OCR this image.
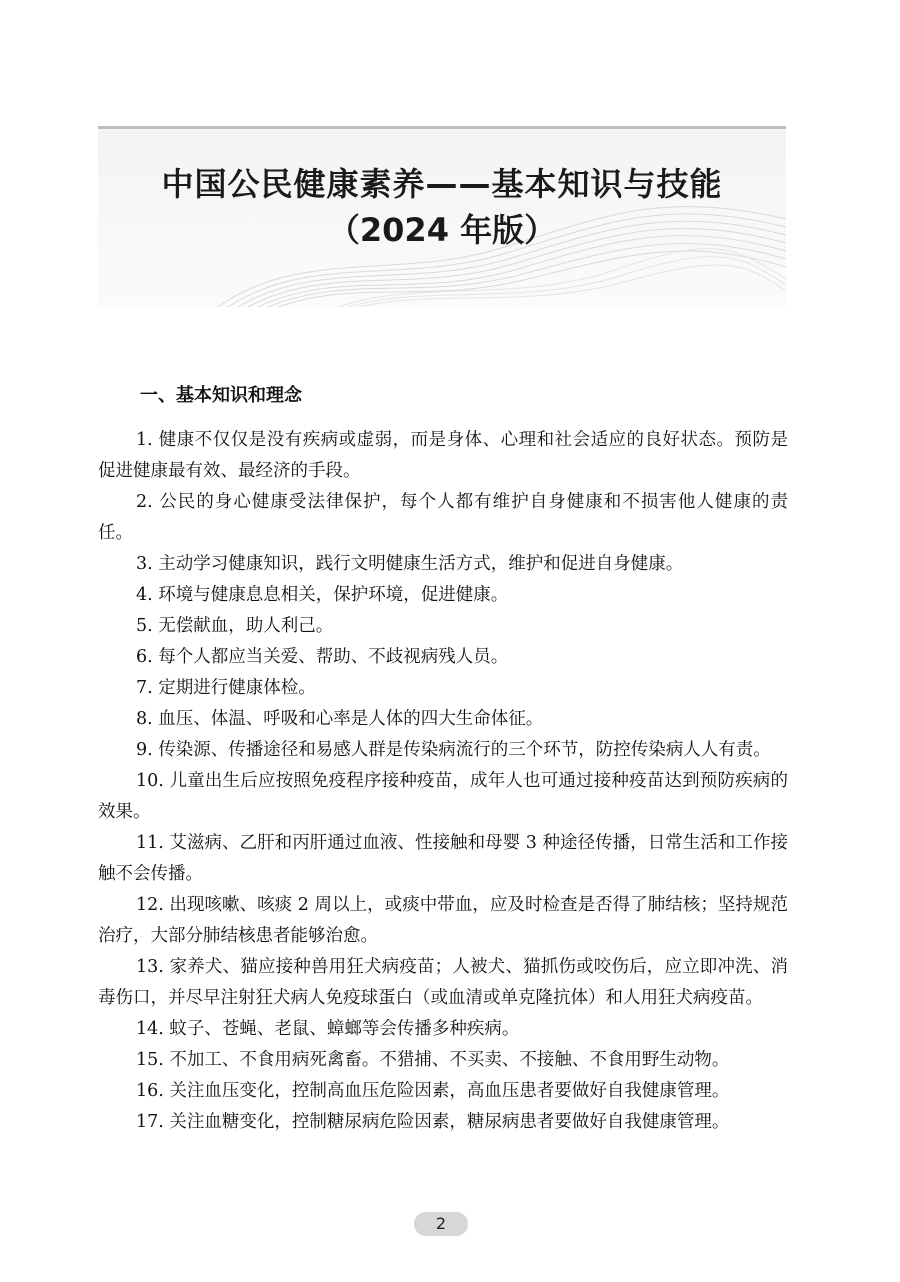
中国公民健康素养——基本知识与技能
（2024 年版）
一、基本知识和理念
1. 健康不仅仅是没有疾病或虚弱，而是身体、心理和社会适应的良好状态。预防是促进健康最有效、最经济的手段。
2. 公民的身心健康受法律保护，每个人都有维护自身健康和不损害他人健康的责任。
3. 主动学习健康知识，践行文明健康生活方式，维护和促进自身健康。
4. 环境与健康息息相关，保护环境，促进健康。
5. 无偿献血，助人利己。
6. 每个人都应当关爱、帮助、不歧视病残人员。
7. 定期进行健康体检。
8. 血压、体温、呼吸和心率是人体的四大生命体征。
9. 传染源、传播途径和易感人群是传染病流行的三个环节，防控传染病人人有责。
10. 儿童出生后应按照免疫程序接种疫苗，成年人也可通过接种疫苗达到预防疾病的效果。
11. 艾滋病、乙肝和丙肝通过血液、性接触和母婴 3 种途径传播，日常生活和工作接触不会传播。
12. 出现咳嗽、咳痰 2 周以上，或痰中带血，应及时检查是否得了肺结核；坚持规范治疗，大部分肺结核患者能够治愈。
13. 家养犬、猫应接种兽用狂犬病疫苗；人被犬、猫抓伤或咬伤后，应立即冲洗、消毒伤口，并尽早注射狂犬病人免疫球蛋白（或血清或单克隆抗体）和人用狂犬病疫苗。
14. 蚊子、苍蝇、老鼠、蟑螂等会传播多种疾病。
15. 不加工、不食用病死禽畜。不猎捕、不买卖、不接触、不食用野生动物。
16. 关注血压变化，控制高血压危险因素，高血压患者要做好自我健康管理。
17. 关注血糖变化，控制糖尿病危险因素，糖尿病患者要做好自我健康管理。
2
